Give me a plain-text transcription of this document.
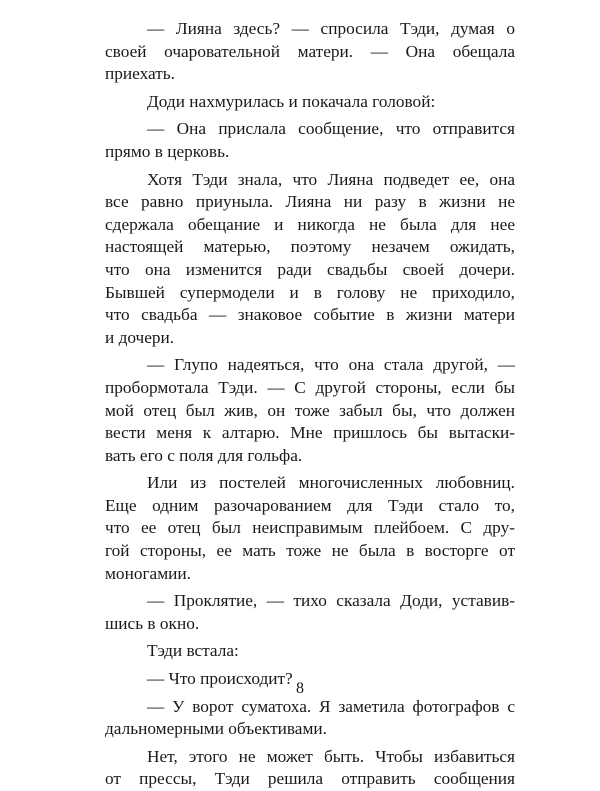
— Лияна здесь? — спросила Тэди, думая о
своей очаровательной матери. — Она обещала
приехать.
Доди нахмурилась и покачала головой:
— Она прислала сообщение, что отправится
прямо в церковь.
Хотя Тэди знала, что Лияна подведет ее, она
все равно приуныла. Лияна ни разу в жизни не
сдержала обещание и никогда не была для нее
настоящей матерью, поэтому незачем ожидать,
что она изменится ради свадьбы своей дочери.
Бывшей супермодели и в голову не приходило,
что свадьба — знаковое событие в жизни матери
и дочери.
— Глупо надеяться, что она стала другой, —
пробормотала Тэди. — С другой стороны, если бы
мой отец был жив, он тоже забыл бы, что должен
вести меня к алтарю. Мне пришлось бы вытаски-
вать его с поля для гольфа.
Или из постелей многочисленных любовниц.
Еще одним разочарованием для Тэди стало то,
что ее отец был неисправимым плейбоем. С дру-
гой стороны, ее мать тоже не была в восторге от
моногамии.
— Проклятие, — тихо сказала Доди, уставив-
шись в окно.
Тэди встала:
— Что происходит?
— У ворот суматоха. Я заметила фотографов с
дальномерными объективами.
Нет, этого не может быть. Чтобы избавиться
от прессы, Тэди решила отправить сообщения
8
